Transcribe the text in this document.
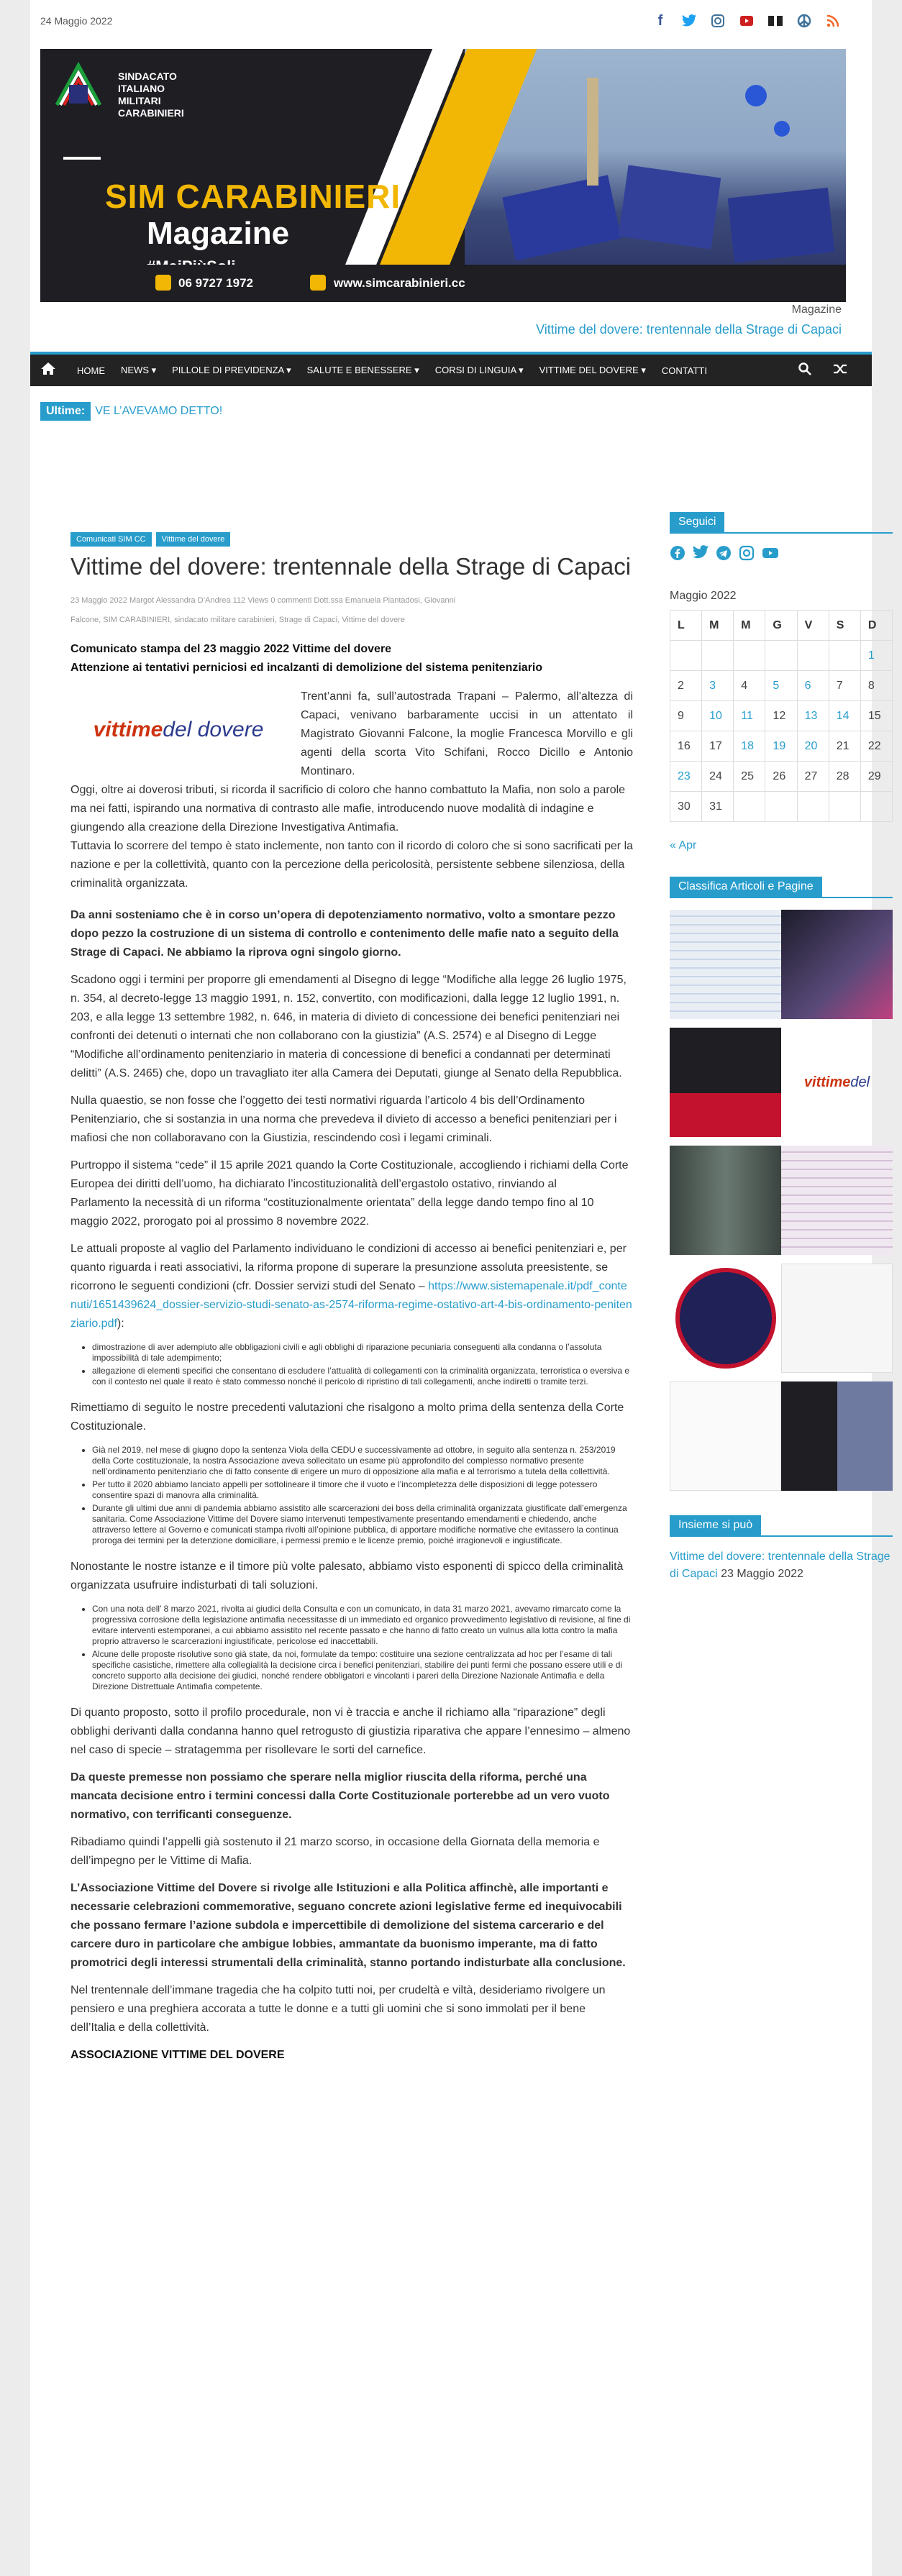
24 Maggio 2022	f
SINDACATO
ITALIANO
MILITARI
CARABINIERI
SIM CARABINIERI
Magazine
06 9727 1972	www.simcarabinieri.cc
Magazine
Vittime del dovere: trentennale della Strage di Capaci
HOME	NEWS ▾	PILLOLE DI PREVIDENZA ▾	SALUTE E BENESSERE ▾	CORSI DI LINGUIA ▾	VITTIME DEL DOVERE ▾	CONTATTI
Ultime: VE L’AVEVAMO DETTO!
Comunicati SIM CC	Vittime del dovere
Vittime del dovere: trentennale della Strage di Capaci
23 Maggio 2022 Margot Alessandra D’Andrea 112 Views 0 commenti Dott.ssa Emanuela Piantadosi, Giovanni
Falcone, SIM CARABINIERI, sindacato militare carabinieri, Strage di Capaci, Vittime del dovere

Comunicato stampa del 23 maggio 2022 Vittime del dovere
Attenzione ai tentativi perniciosi ed incalzanti di demolizione del sistema penitenziario

vittime del dovere

Trent’anni fa, sull’autostrada Trapani – Palermo, all’altezza di Capaci, venivano barbaramente uccisi in un attentato il Magistrato Giovanni Falcone, la moglie Francesca Morvillo e gli agenti della scorta Vito Schifani, Rocco Dicillo e Antonio Montinaro.

Oggi, oltre ai doverosi tributi, si ricorda il sacrificio di coloro che hanno combattuto la Mafia, non solo a parole ma nei fatti, ispirando una normativa di contrasto alle mafie, introducendo nuove modalità di indagine e giungendo alla creazione della Direzione Investigativa Antimafia.

Tuttavia lo scorrere del tempo è stato inclemente, non tanto con il ricordo di coloro che si sono sacrificati per la nazione e per la collettività, quanto con la percezione della pericolosità, persistente sebbene silenziosa, della criminalità organizzata.

Da anni sosteniamo che è in corso un’opera di depotenziamento normativo, volto a smontare pezzo dopo pezzo la costruzione di un sistema di controllo e contenimento delle mafie nato a seguito della Strage di Capaci. Ne abbiamo la riprova ogni singolo giorno.

Scadono oggi i termini per proporre gli emendamenti al Disegno di legge “Modifiche alla legge 26 luglio 1975, n. 354, al decreto-legge 13 maggio 1991, n. 152, convertito, con modificazioni, dalla legge 12 luglio 1991, n. 203, e alla legge 13 settembre 1982, n. 646, in materia di divieto di concessione dei benefici penitenziari nei confronti dei detenuti o internati che non collaborano con la giustizia” (A.S. 2574) e al Disegno di Legge “Modifiche all’ordinamento penitenziario in materia di concessione di benefici a condannati per determinati delitti” (A.S. 2465) che, dopo un travagliato iter alla Camera dei Deputati, giunge al Senato della Repubblica.

Nulla quaestio, se non fosse che l’oggetto dei testi normativi riguarda l’articolo 4 bis dell’Ordinamento Penitenziario, che si sostanzia in una norma che prevedeva il divieto di accesso a benefici penitenziari per i mafiosi che non collaboravano con la Giustizia, rescindendo così i legami criminali.

Purtroppo il sistema “cede” il 15 aprile 2021 quando la Corte Costituzionale, accogliendo i richiami della Corte Europea dei diritti dell’uomo, ha dichiarato l’incostituzionalità dell’ergastolo ostativo, rinviando al

Parlamento la necessità di un riforma “costituzionalmente orientata” della legge dando tempo fino al 10 maggio 2022, prorogato poi al prossimo 8 novembre 2022.

Le attuali proposte al vaglio del Parlamento individuano le condizioni di accesso ai benefici penitenziari e, per quanto riguarda i reati associativi, la riforma propone di superare la presunzione assoluta preesistente, se ricorrono le seguenti condizioni (cfr. Dossier servizi studi del Senato – https://www.sistemapenale.it/pdf_contenuti/1651439624_dossier-servizio-studi-senato-as-2574-riforma-regime-ostativo-art-4-bis-ordinamento-penitenziario.pdf):

• dimostrazione di aver adempiuto alle obbligazioni civili e agli obblighi di riparazione pecuniaria conseguenti alla condanna o l’assoluta impossibilità di tale adempimento;
• allegazione di elementi specifici che consentano di escludere l’attualità di collegamenti con la criminalità organizzata, terroristica o eversiva e con il contesto nel quale il reato è stato commesso nonché il pericolo di ripristino di tali collegamenti, anche indiretti o tramite terzi.

Rimettiamo di seguito le nostre precedenti valutazioni che risalgono a molto prima della sentenza della Corte Costituzionale.

• Già nel 2019, nel mese di giugno dopo la sentenza Viola della CEDU e successivamente ad ottobre, in seguito alla sentenza n. 253/2019 della Corte costituzionale, la nostra Associazione aveva sollecitato un esame più approfondito del complesso normativo presente nell’ordinamento penitenziario che di fatto consente di erigere un muro di opposizione alla mafia e al terrorismo a tutela della collettività.
• Per tutto il 2020 abbiamo lanciato appelli per sottolineare il timore che il vuoto e l’incompletezza delle disposizioni di legge potessero consentire spazi di manovra alla criminalità.
• Durante gli ultimi due anni di pandemia abbiamo assistito alle scarcerazioni dei boss della criminalità organizzata giustificate dall’emergenza sanitaria. Come Associazione Vittime del Dovere siamo intervenuti tempestivamente presentando emendamenti e chiedendo, anche attraverso lettere al Governo e comunicati stampa rivolti all’opinione pubblica, di apportare modifiche normative che evitassero la continua proroga dei termini per la detenzione domiciliare, i permessi premio e le licenze premio, poiché irragionevoli e ingiustificate.

Nonostante le nostre istanze e il timore più volte palesato, abbiamo visto esponenti di spicco della criminalità organizzata usufruire indisturbati di tali soluzioni.

• Con una nota dell’ 8 marzo 2021, rivolta ai giudici della Consulta e con un comunicato, in data 31 marzo 2021, avevamo rimarcato come la progressiva corrosione della legislazione antimafia necessitasse di un immediato ed organico provvedimento legislativo di revisione, al fine di evitare interventi estemporanei, a cui abbiamo assistito nel recente passato e che hanno di fatto creato un vulnus alla lotta contro la mafia proprio attraverso le scarcerazioni ingiustificate, pericolose ed inaccettabili.
• Alcune delle proposte risolutive sono già state, da noi, formulate da tempo: costituire una sezione centralizzata ad hoc per l’esame di tali specifiche casistiche, rimettere alla collegialità la decisione circa i benefici penitenziari, stabilire dei punti fermi che possano essere utili e di concreto supporto alla decisione dei giudici, nonché rendere obbligatori e vincolanti i pareri della Direzione Nazionale Antimafia e della Direzione Distrettuale Antimafia competente.

Di quanto proposto, sotto il profilo procedurale, non vi è traccia e anche il richiamo alla “riparazione” degli obblighi derivanti dalla condanna hanno quel retrogusto di giustizia riparativa che appare l’ennesimo – almeno nel caso di specie – stratagemma per risollevare le sorti del carnefice.

Da queste premesse non possiamo che sperare nella miglior riuscita della riforma, perché una mancata decisione entro i termini concessi dalla Corte Costituzionale porterebbe ad un vero vuoto normativo, con terrificanti conseguenze.

Ribadiamo quindi l’appelli già sostenuto il 21 marzo scorso, in occasione della Giornata della memoria e dell’impegno per le Vittime di Mafia.

L’Associazione Vittime del Dovere si rivolge alle Istituzioni e alla Politica affinchè, alle importanti e necessarie celebrazioni commemorative, seguano concrete azioni legislative ferme ed inequivocabili che possano fermare l’azione subdola e impercettibile di demolizione del sistema carcerario e del carcere duro in particolare che ambigue lobbies, ammantate da buonismo imperante, ma di fatto promotrici degli interessi strumentali della criminalità, stanno portando indisturbate alla conclusione.

Nel trentennale dell’immane tragedia che ha colpito tutti noi, per crudeltà e viltà, desideriamo rivolgere un pensiero e una preghiera accorata a tutte le donne e a tutti gli uomini che si sono immolati per il bene dell’Italia e della collettività.

ASSOCIAZIONE VITTIME DEL DOVERE

Seguici
Maggio 2022
L	M	M	G	V	S	D
						1
2	3	4	5	6	7	8
9	10	11	12	13	14	15
16	17	18	19	20	21	22
23	24	25	26	27	28	29
30	31					
« Apr
Classifica Articoli e Pagine
vittime del
Insieme si può
Vittime del dovere: trentennale della Strage di Capaci 23 Maggio 2022
